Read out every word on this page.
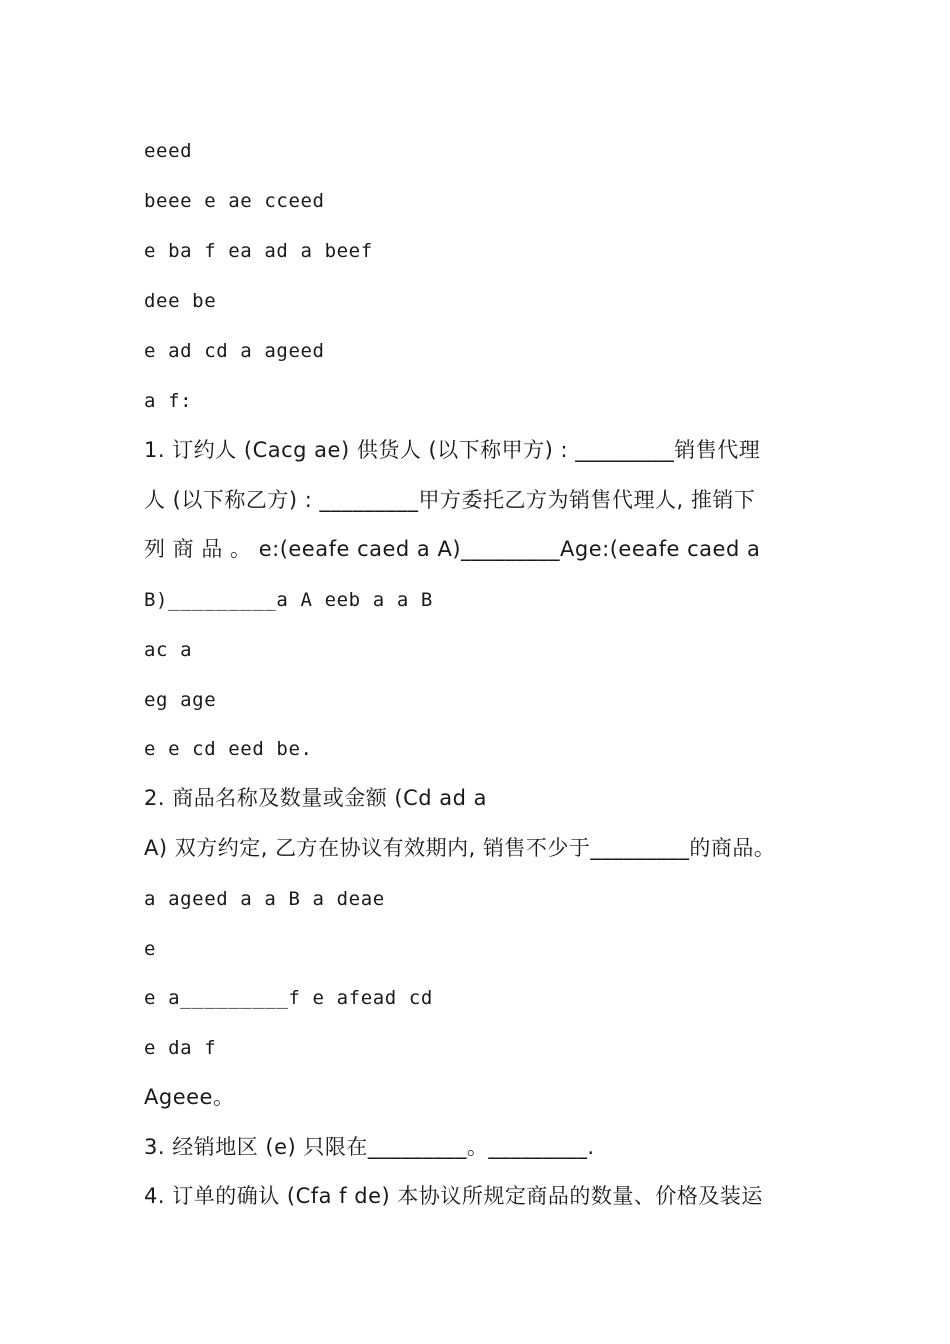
eeed
beee e ae cceed
e ba f ea ad a beef
dee be
e ad cd a ageed
a f:
1. 订约人 (Cacg ae) 供货人 (以下称甲方) : _________销售代理
人 (以下称乙方) : _________甲方委托乙方为销售代理人, 推销下
列 商 品 。 e:(eeafe caed a A)_________Age:(eeafe caed a
B)_________a A eeb a a B
ac a
eg age
e e cd eed be.
2. 商品名称及数量或金额 (Cd ad a
A) 双方约定, 乙方在协议有效期内, 销售不少于_________的商品。
a ageed a a B a deae
e
e a_________f e afead cd
e da f
Ageee。
3. 经销地区 (e) 只限在_________。_________.
4. 订单的确认 (Cfa f de) 本协议所规定商品的数量、价格及装运
